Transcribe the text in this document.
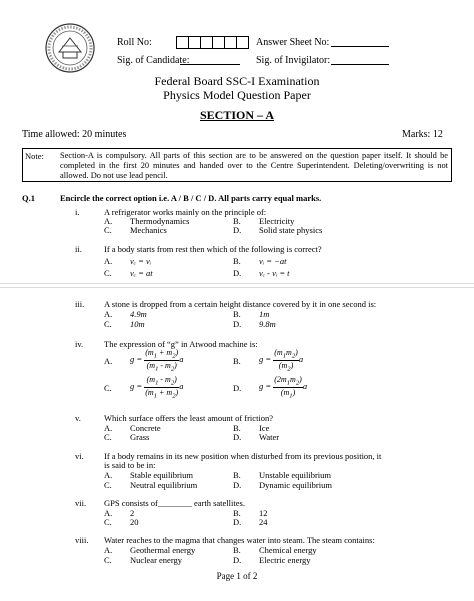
Roll No:	Answer Sheet No:
Sig. of Candidate:	Sig. of Invigilator:
Federal Board SSC-I Examination
Physics Model Question Paper
SECTION – A
Time allowed: 20 minutes	Marks: 12
Note: Section-A is compulsory. All parts of this section are to be answered on the question paper itself. It should be completed in the first 20 minutes and handed over to the Centre Superintendent. Deleting/overwriting is not allowed. Do not use lead pencil.
Q.1	Encircle the correct option i.e. A / B / C / D. All parts carry equal marks.
i.	A refrigerator works mainly on the principle of:
A. Thermodynamics	B. Electricity
C. Mechanics	D. Solid state physics
ii.	If a body starts from rest then which of the following is correct?
A. vₑ = vᵢ	B. vᵢ = −at
C. vₑ = at	D. vₑ - vᵢ = t
iii. A stone is dropped from a certain height distance covered by it in one second is:
A. 4.9m	B. 1m
C. 10m	D. 9.8m
iv. The expression of “g” in Atwood machine is:
A. $g = \frac{(m_1 + m_2)}{(m_1 - m_2)}$ a	B. $g = \frac{(m_1m_2)}{(m_2)}$ a
C. $g = \frac{(m_1 - m_2)}{(m_1 + m_2)}$ a	D. $g = \frac{(2m_1m_2)}{(m_1)}$ a
v.	Which surface offers the least amount of friction?
A. Concrete	B. Ice
C. Grass	D. Water
vi. If a body remains in its new position when disturbed from its previous position, it
is said to be in:
A. Stable equilibrium	B. Unstable equilibrium
C. Neutral equilibrium	D. Dynamic equilibrium
vii. GPS consists of________ earth satellites.
A. 2	B. 12
C. 20	D. 24
viii. Water reaches to the magma that changes water into steam. The steam contains:
A. Geothermal energy	B. Chemical energy
C. Nuclear energy	D. Electric energy
Page 1 of 2
